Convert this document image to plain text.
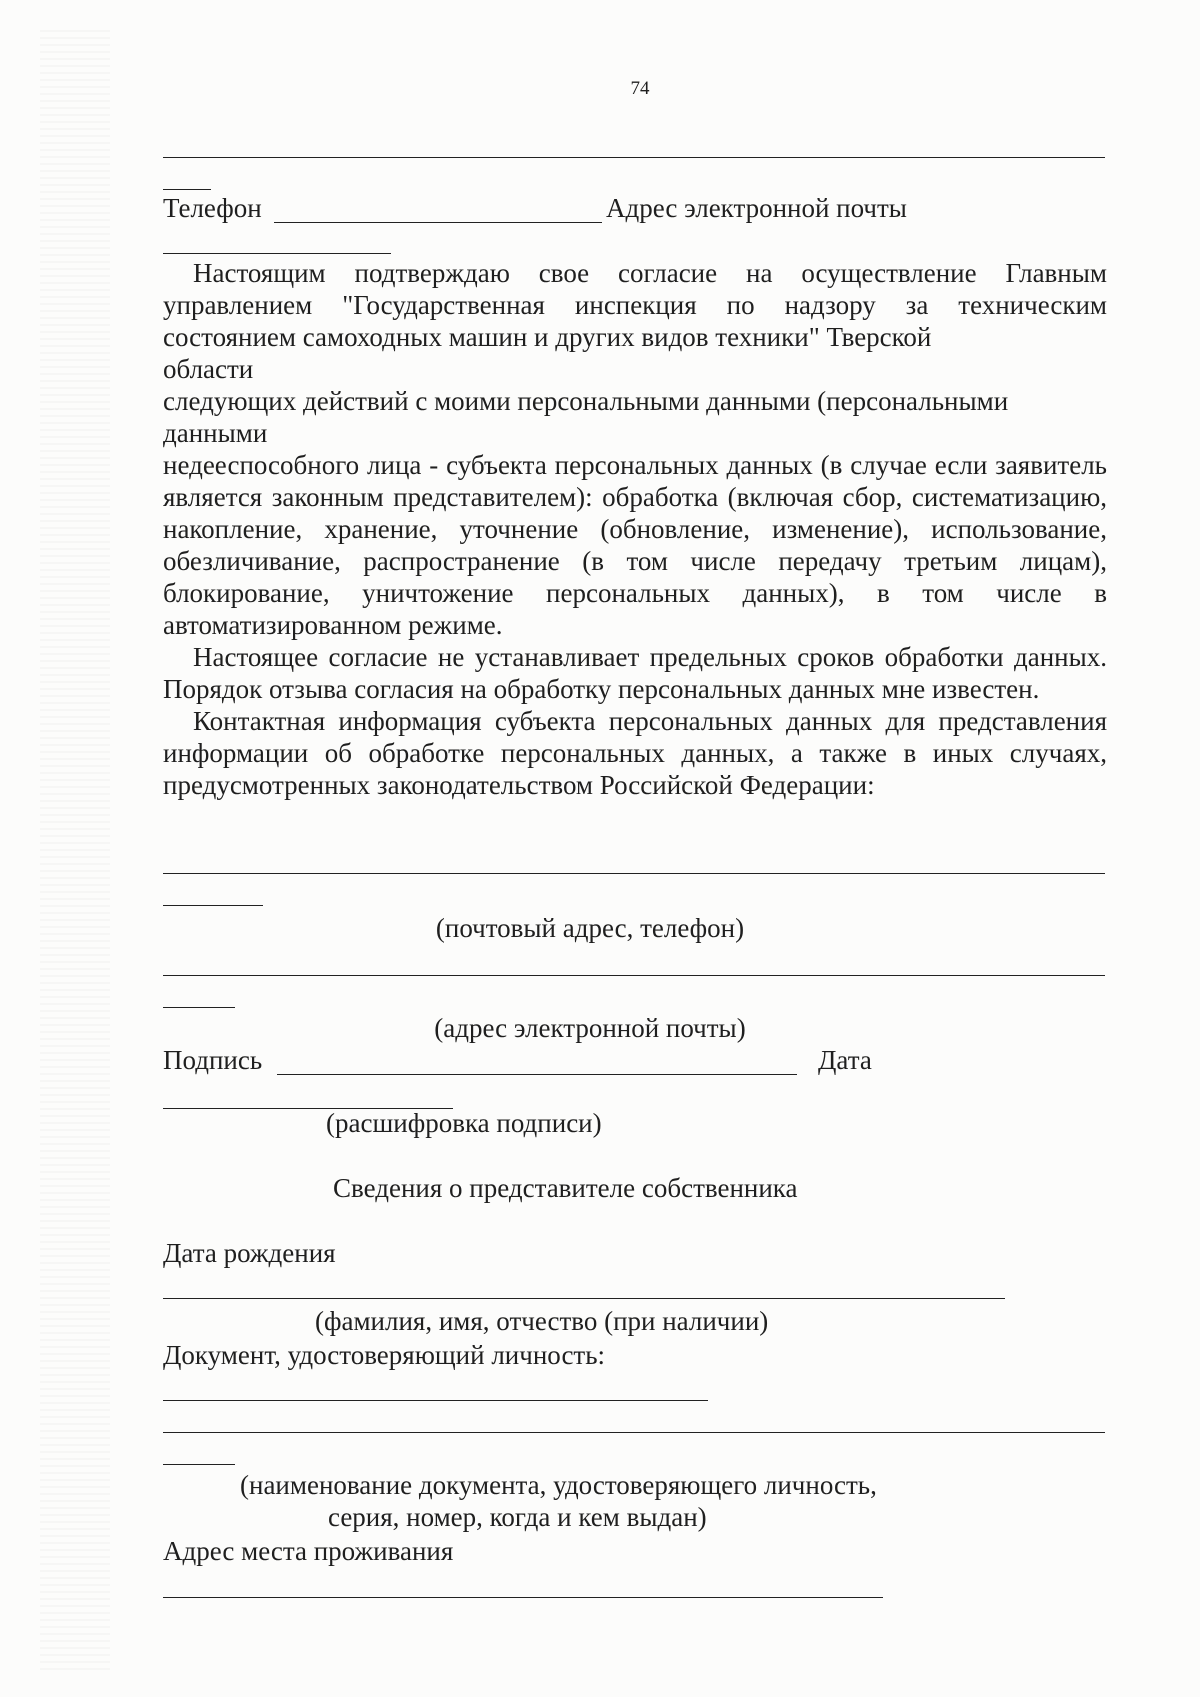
74
Телефон	Адрес электронной почты

Настоящим подтверждаю свое согласие на осуществление Главным управлением "Государственная инспекция по надзору за техническим состоянием самоходных машин и других видов техники" Тверской

области

следующих действий с моими персональными данными (персональными

данными

недееспособного лица - субъекта персональных данных (в случае если заявитель является законным представителем): обработка (включая сбор, систематизацию, накопление, хранение, уточнение (обновление, изменение), использование, обезличивание, распространение (в том числе передачу третьим лицам), блокирование, уничтожение персональных данных), в том числе в автоматизированном режиме.

Настоящее согласие не устанавливает предельных сроков обработки данных. Порядок отзыва согласия на обработку персональных данных мне известен.

Контактная информация субъекта персональных данных для представления информации об обработке персональных данных, а также в иных случаях, предусмотренных законодательством Российской Федерации:

(почтовый адрес, телефон)
(адрес электронной почты)
Подпись	Дата
(расшифровка подписи)
Сведения о представителе собственника
Дата рождения
(фамилия, имя, отчество (при наличии)
Документ, удостоверяющий личность:
(наименование документа, удостоверяющего личность,
серия, номер, когда и кем выдан)
Адрес места проживания
